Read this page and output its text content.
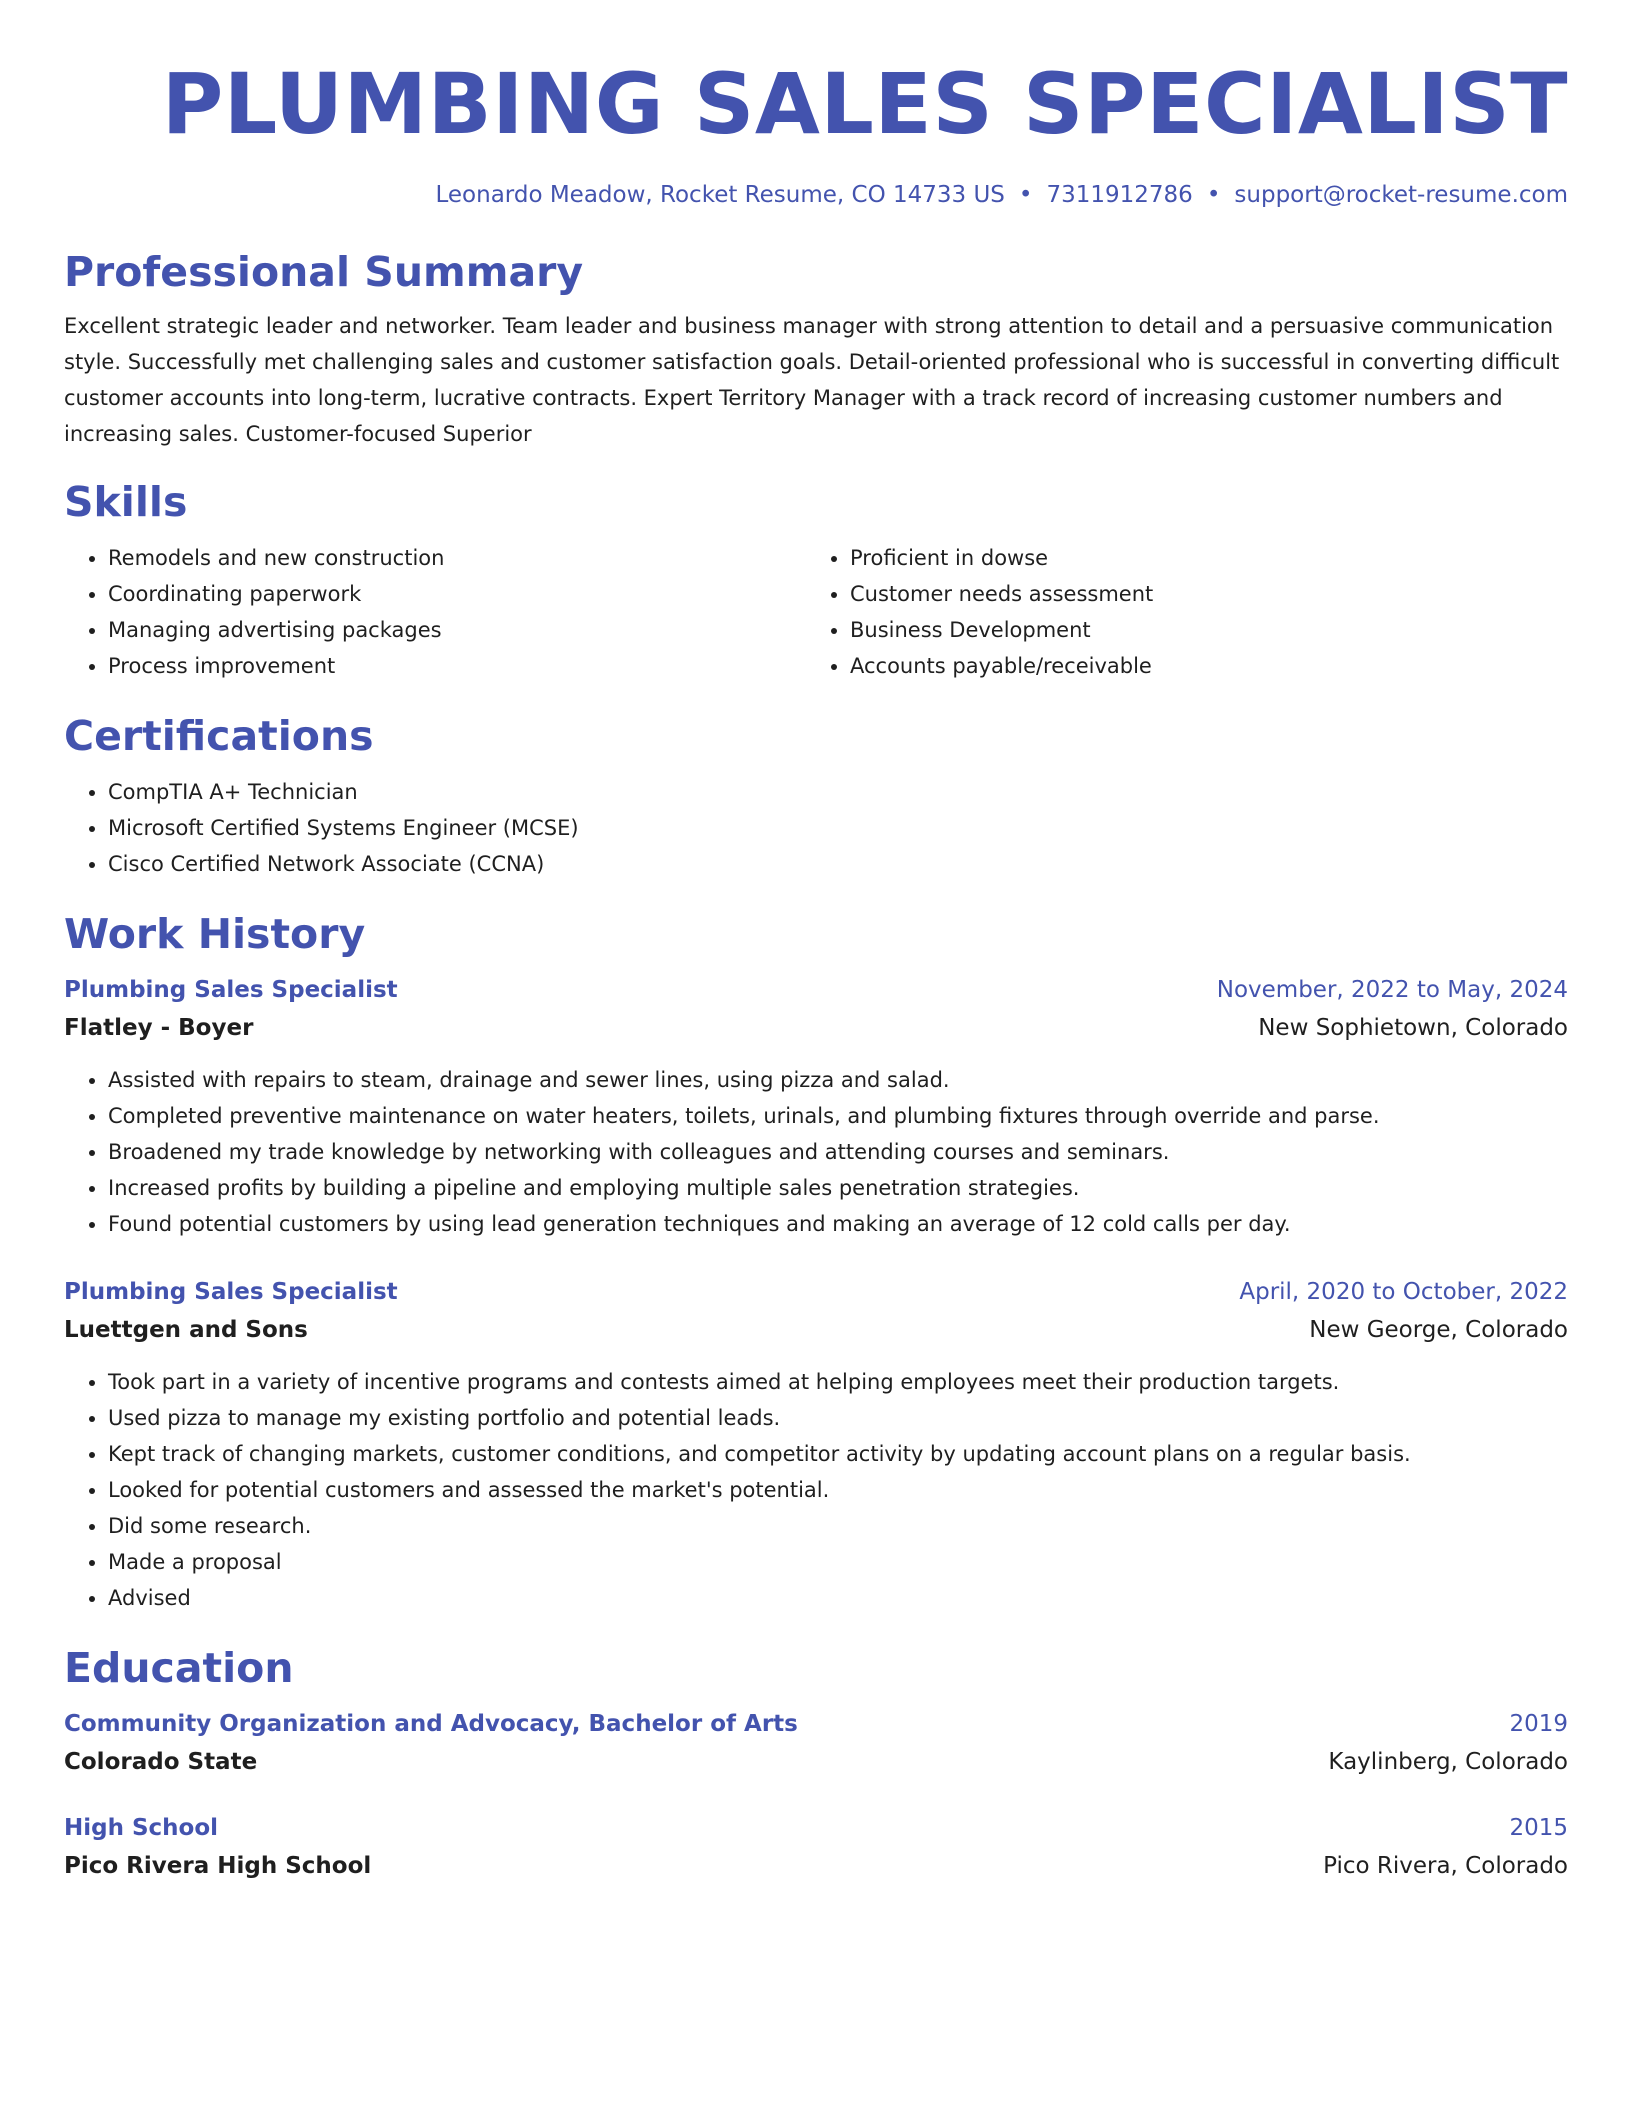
PLUMBING SALES SPECIALIST
Leonardo Meadow, Rocket Resume, CO 14733 US • 7311912786 • support@rocket-resume.com
Professional Summary

Excellent strategic leader and networker. Team leader and business manager with strong attention to detail and a persuasive communication style. Successfully met challenging sales and customer satisfaction goals. Detail-oriented professional who is successful in converting difficult customer accounts into long-term, lucrative contracts. Expert Territory Manager with a track record of increasing customer numbers and increasing sales. Customer-focused Superior

Skills
• Remodels and new construction
• Coordinating paperwork
• Managing advertising packages
• Process improvement
• Proficient in dowse
• Customer needs assessment
• Business Development
• Accounts payable/receivable
Certifications
• CompTIA A+ Technician
• Microsoft Certified Systems Engineer (MCSE)
• Cisco Certified Network Associate (CCNA)
Work History
Plumbing Sales Specialist	November, 2022 to May, 2024
Flatley - Boyer	New Sophietown, Colorado
• Assisted with repairs to steam, drainage and sewer lines, using pizza and salad.
• Completed preventive maintenance on water heaters, toilets, urinals, and plumbing fixtures through override and parse.
• Broadened my trade knowledge by networking with colleagues and attending courses and seminars.
• Increased profits by building a pipeline and employing multiple sales penetration strategies.
• Found potential customers by using lead generation techniques and making an average of 12 cold calls per day.
Plumbing Sales Specialist	April, 2020 to October, 2022
Luettgen and Sons	New George, Colorado
• Took part in a variety of incentive programs and contests aimed at helping employees meet their production targets.
• Used pizza to manage my existing portfolio and potential leads.
• Kept track of changing markets, customer conditions, and competitor activity by updating account plans on a regular basis.
• Looked for potential customers and assessed the market's potential.
• Did some research.
• Made a proposal
• Advised
Education
Community Organization and Advocacy, Bachelor of Arts	2019
Colorado State	Kaylinberg, Colorado
High School	2015
Pico Rivera High School	Pico Rivera, Colorado
